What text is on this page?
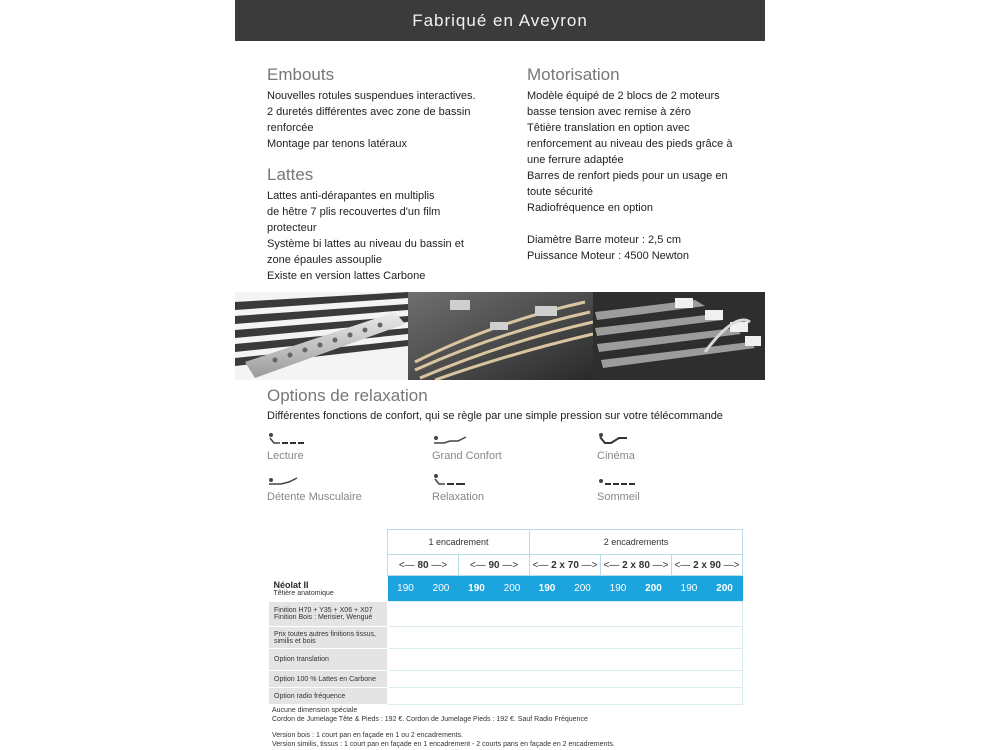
Fabriqué en Aveyron
Embouts
Nouvelles rotules suspendues interactives.
2 duretés différentes avec zone de bassin
renforcée
Montage par tenons latéraux
Lattes
Lattes anti-dérapantes en multiplis
de hêtre 7 plis recouvertes d'un film
protecteur
Système bi lattes au niveau du bassin et
zone épaules assouplie
Existe en version lattes Carbone
Motorisation
Modèle équipé de 2 blocs de 2 moteurs
basse tension avec remise à zéro
Têtière translation en option avec
renforcement au niveau des pieds grâce à
une ferrure adaptée
Barres de renfort pieds pour un usage en
toute sécurité
Radiofréquence en option
Diamètre Barre moteur : 2,5 cm
Puissance Moteur : 4500 Newton
Options de relaxation
Différentes fonctions de confort, qui se règle par une simple pression sur votre télécommande
Lecture	Grand Confort	Cinéma
Détente Musculaire	Relaxation	Sommeil
	1 encadrement				2 encadrements					
	<— 80 —>		<— 90 —>		<— 2 x 70 —>		<— 2 x 80 —>		<— 2 x 90 —>	

Néolat II
Têtière anatomique	190	200	190	200	190	200	190	200	190	200
Finition H70 + Y35 + X06 + X07 Finition Bois : Merisier, Wengué										
Prix toutes autres finitions tissus, similis et bois										
Option translation										
Option 100 % Lattes en Carbone										
Option radio fréquence										

Aucune dimension spéciale

Cordon de Jumelage Tête & Pieds : 192 €. Cordon de Jumelage Pieds : 192 €. Sauf Radio Fréquence

Version bois : 1 court pan en façade en 1 ou 2 encadrements.

Version similis, tissus : 1 court pan en façade en 1 encadrement - 2 courts pans en façade en 2 encadrements.
